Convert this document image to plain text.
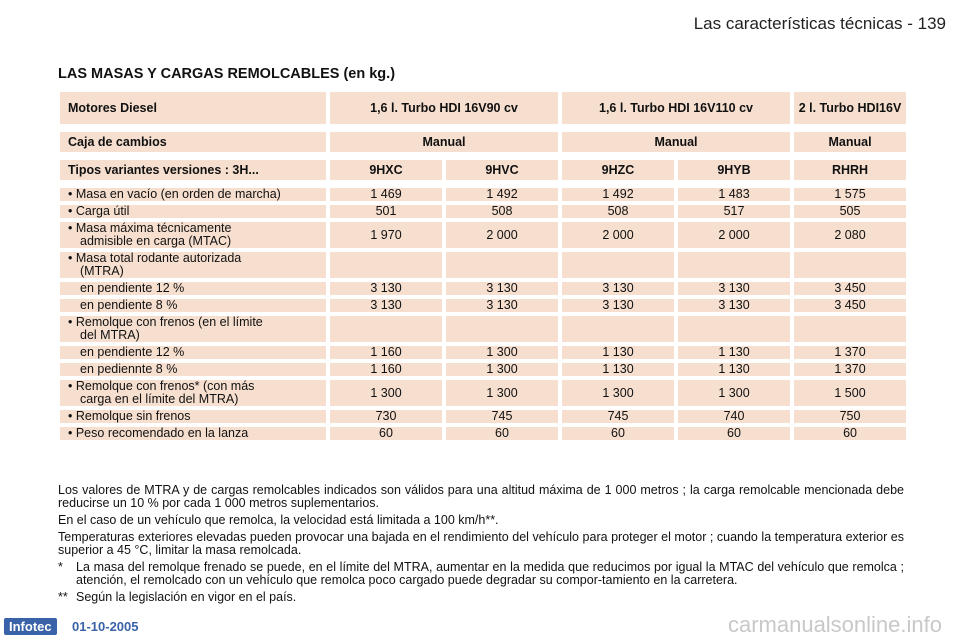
Las características técnicas - 139
LAS MASAS Y CARGAS REMOLCABLES (en kg.)
Motores Diesel	1,6 l. Turbo HDI 16V90 cv		1,6 l. Turbo HDI 16V110 cv		2 l. Turbo HDI16V

Caja de cambios	Manual		Manual		Manual

Tipos variantes versiones : 3H...	9HXC	9HVC	9HZC	9HYB	RHRH

• Masa en vacío (en orden de marcha)	1 469	1 492	1 492	1 483	1 575

• Carga útil	501	508	508	517	505

• Masa máxima técnicamente
admisible en carga (MTAC)	1 970	2 000	2 000	2 000	2 080

• Masa total rodante autorizada
(MTRA)					

en pendiente 12 %	3 130	3 130	3 130	3 130	3 450

en pendiente 8 %	3 130	3 130	3 130	3 130	3 450

• Remolque con frenos (en el límite
del MTRA)					

en pendiente 12 %	1 160	1 300	1 130	1 130	1 370

en pediennte 8 %	1 160	1 300	1 130	1 130	1 370

• Remolque con frenos* (con más
carga en el límite del MTRA)	1 300	1 300	1 300	1 300	1 500

• Remolque sin frenos	730	745	745	740	750

• Peso recomendado en la lanza	60	60	60	60	60

Los valores de MTRA y de cargas remolcables indicados son válidos para una altitud máxima de 1 000 metros ; la carga remolcable mencionada debe reducirse un 10 % por cada 1 000 metros suplementarios.

En el caso de un vehículo que remolca, la velocidad está limitada a 100 km/h**.

Temperaturas exteriores elevadas pueden provocar una bajada en el rendimiento del vehículo para proteger el motor ; cuando la temperatura exterior es superior a 45 °C, limitar la masa remolcada.

*	La masa del remolque frenado se puede, en el límite del MTRA, aumentar en la medida que reducimos por igual la MTAC del vehículo que remolca ; atención, el remolcado con un vehículo que remolca poco cargado puede degradar su compor-tamiento en la carretera.
** Según la legislación en vigor en el país.
Infotec	01-10-2005	carmanualsonline.info
